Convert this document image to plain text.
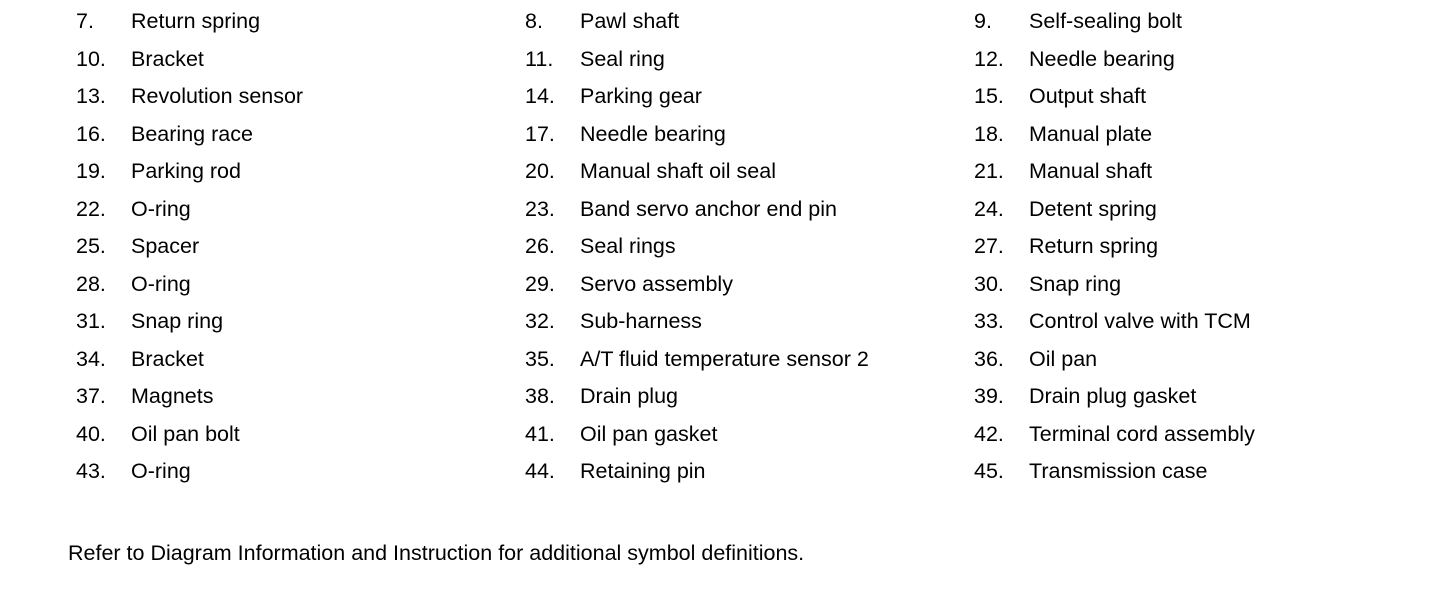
7.	Return spring	8.	Pawl shaft	9.	Self-sealing bolt
10.	Bracket	11.	Seal ring	12.	Needle bearing
13.	Revolution sensor	14.	Parking gear	15.	Output shaft
16.	Bearing race	17.	Needle bearing	18.	Manual plate
19.	Parking rod	20.	Manual shaft oil seal	21.	Manual shaft
22.	O-ring	23.	Band servo anchor end pin	24.	Detent spring
25.	Spacer	26.	Seal rings	27.	Return spring
28.	O-ring	29.	Servo assembly	30.	Snap ring
31.	Snap ring	32.	Sub-harness	33.	Control valve with TCM
34.	Bracket	35.	A/T fluid temperature sensor 2	36.	Oil pan
37.	Magnets	38.	Drain plug	39.	Drain plug gasket
40.	Oil pan bolt	41.	Oil pan gasket	42.	Terminal cord assembly
43.	O-ring	44.	Retaining pin	45.	Transmission case
Refer to Diagram Information and Instruction for additional symbol definitions.
